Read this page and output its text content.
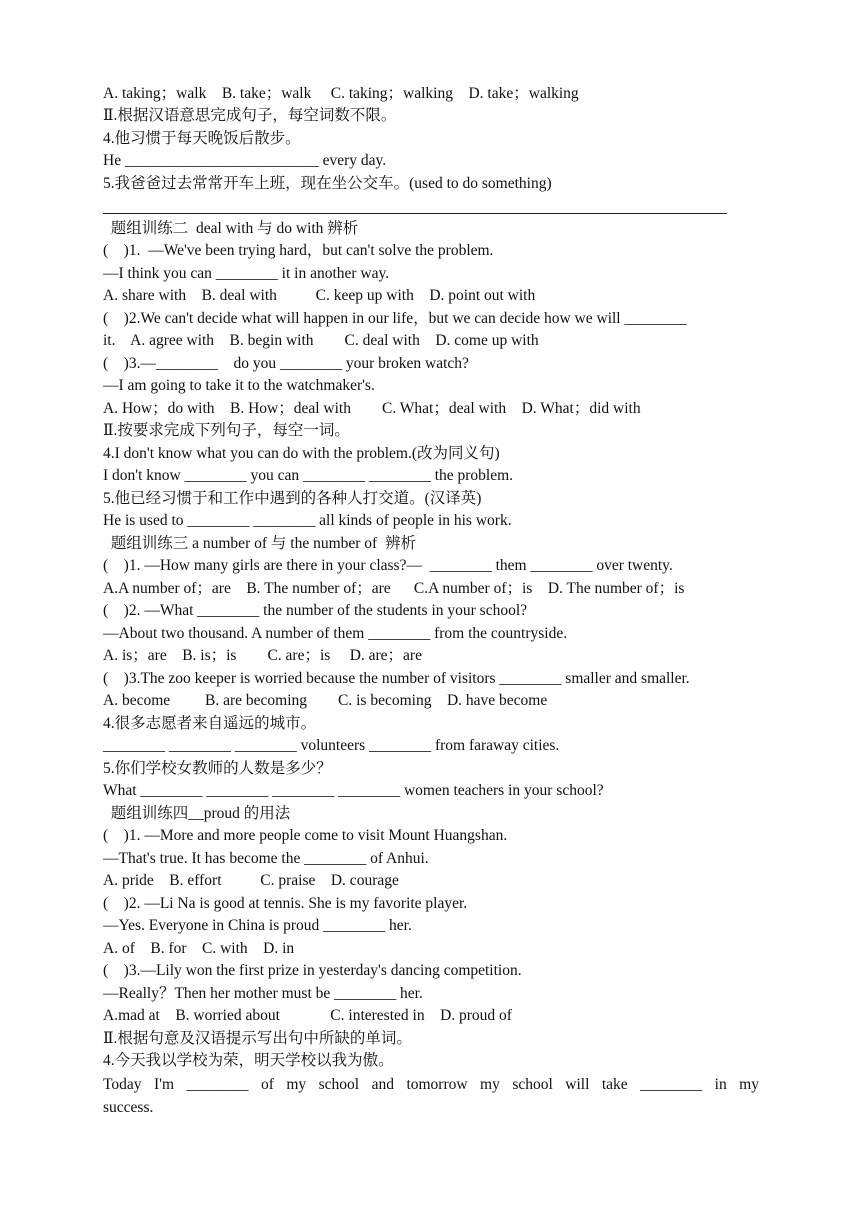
A. taking；walk    B. take；walk     C. taking；walking    D. take；walking
Ⅱ.根据汉语意思完成句子，每空词数不限。
4.他习惯于每天晚饭后散步。
He _________________________ every day.
5.我爸爸过去常常开车上班，现在坐公交车。(used to do something)
题组训练二  deal with 与 do with 辨析
(    )1.  —We've been trying hard，but can't solve the problem.
—I think you can ________ it in another way.
A. share with    B. deal with          C. keep up with    D. point out with
(    )2.We can't decide what will happen in our life，but we can decide how we will ________
it.    A. agree with    B. begin with        C. deal with    D. come up with
(    )3.—________    do you ________ your broken watch?
—I am going to take it to the watchmaker's.
A. How；do with    B. How；deal with        C. What；deal with    D. What；did with
Ⅱ.按要求完成下列句子，每空一词。
4.I don't know what you can do with the problem.(改为同义句)
I don't know ________ you can ________ ________ the problem.
5.他已经习惯于和工作中遇到的各种人打交道。(汉译英)
He is used to ________ ________ all kinds of people in his work.
题组训练三 a number of 与 the number of  辨析
(    )1. —How many girls are there in your class?—  ________ them ________ over twenty.
A.A number of；are    B. The number of；are      C.A number of；is    D. The number of；is
(    )2. —What ________ the number of the students in your school?
—About two thousand. A number of them ________ from the countryside.
A. is；are    B. is；is        C. are；is     D. are；are
(    )3.The zoo keeper is worried because the number of visitors ________ smaller and smaller.
A. become         B. are becoming        C. is becoming    D. have become
4.很多志愿者来自遥远的城市。
________ ________ ________ volunteers ________ from faraway cities.
5.你们学校女教师的人数是多少？
What ________ ________ ________ ________ women teachers in your school?
题组训练四__proud 的用法
(    )1. —More and more people come to visit Mount Huangshan.
—That's true. It has become the ________ of Anhui.
A. pride    B. effort          C. praise    D. courage
(    )2. —Li Na is good at tennis. She is my favorite player.
—Yes. Everyone in China is proud ________ her.
A. of    B. for    C. with    D. in
(    )3.—Lily won the first prize in yesterday's dancing competition.
—Really？Then her mother must be ________ her.
A.mad at    B. worried about             C. interested in    D. proud of
Ⅱ.根据句意及汉语提示写出句中所缺的单词。
4.今天我以学校为荣，明天学校以我为傲。
Today I'm ________ of my school and tomorrow my school will take ________ in my
success.
